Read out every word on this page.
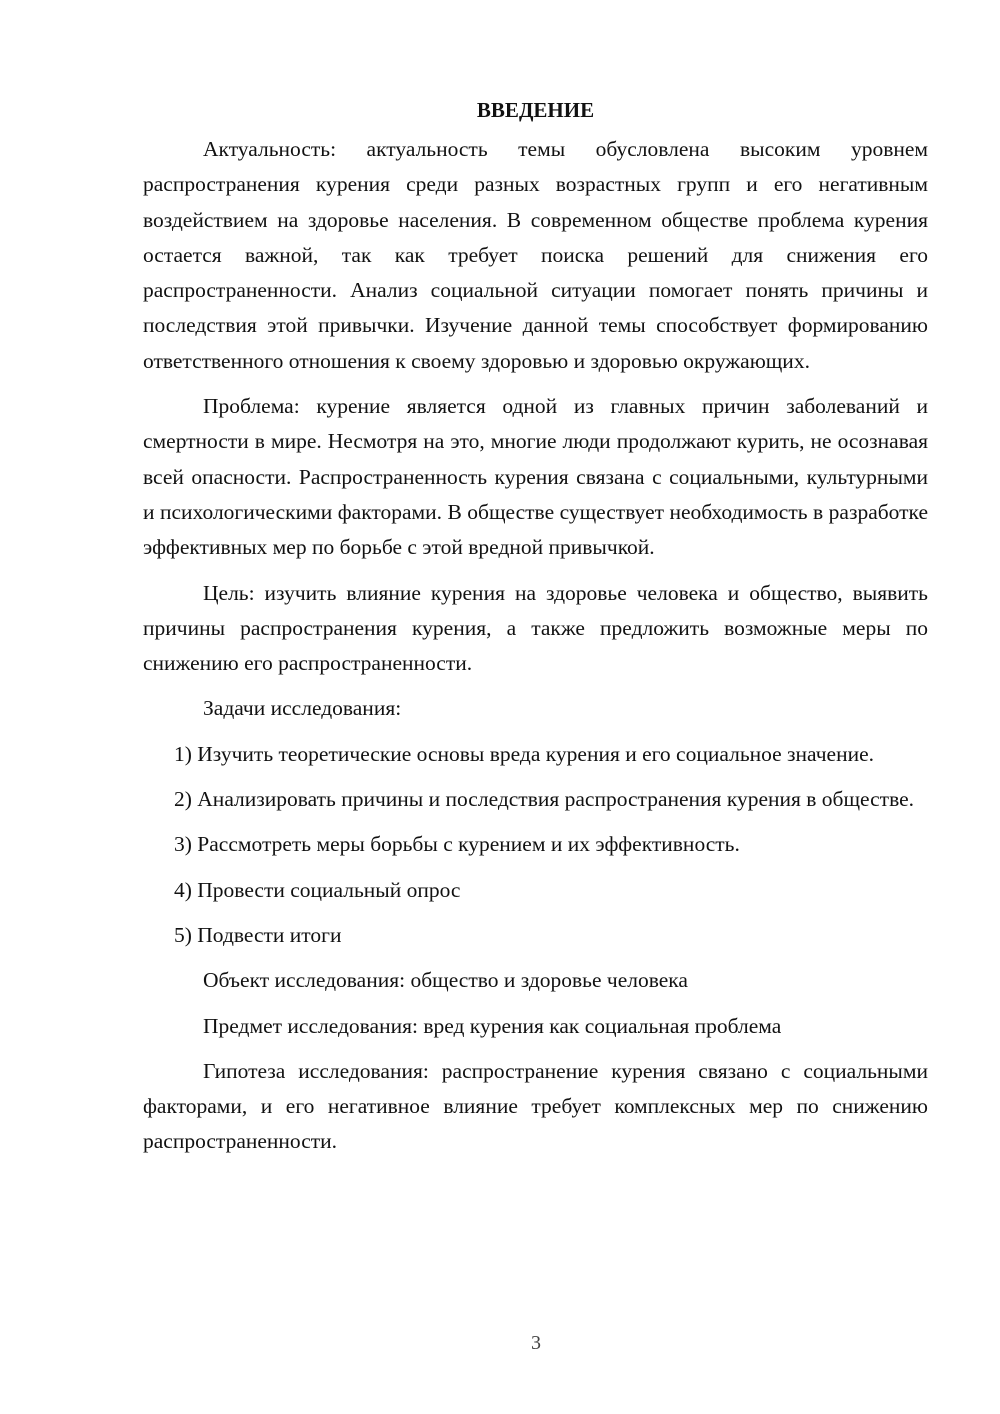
ВВЕДЕНИЕ

Актуальность: актуальность темы обусловлена высоким уровнем распространения курения среди разных возрастных групп и его негативным воздействием на здоровье населения. В современном обществе проблема курения остается важной, так как требует поиска решений для снижения его распространенности. Анализ социальной ситуации помогает понять причины и последствия этой привычки. Изучение данной темы способствует формированию ответственного отношения к своему здоровью и здоровью окружающих.

Проблема: курение является одной из главных причин заболеваний и смертности в мире. Несмотря на это, многие люди продолжают курить, не осознавая всей опасности. Распространенность курения связана с социальными, культурными и психологическими факторами. В обществе существует необходимость в разработке эффективных мер по борьбе с этой вредной привычкой.

Цель: изучить влияние курения на здоровье человека и общество, выявить причины распространения курения, а также предложить возможные меры по снижению его распространенности.

Задачи исследования:

1) Изучить теоретические основы вреда курения и его социальное значение.

2) Анализировать причины и последствия распространения курения в обществе.

3) Рассмотреть меры борьбы с курением и их эффективность.

4) Провести социальный опрос

5) Подвести итоги

Объект исследования: общество и здоровье человека

Предмет исследования: вред курения как социальная проблема

Гипотеза исследования: распространение курения связано с социальными факторами, и его негативное влияние требует комплексных мер по снижению распространенности.

3
